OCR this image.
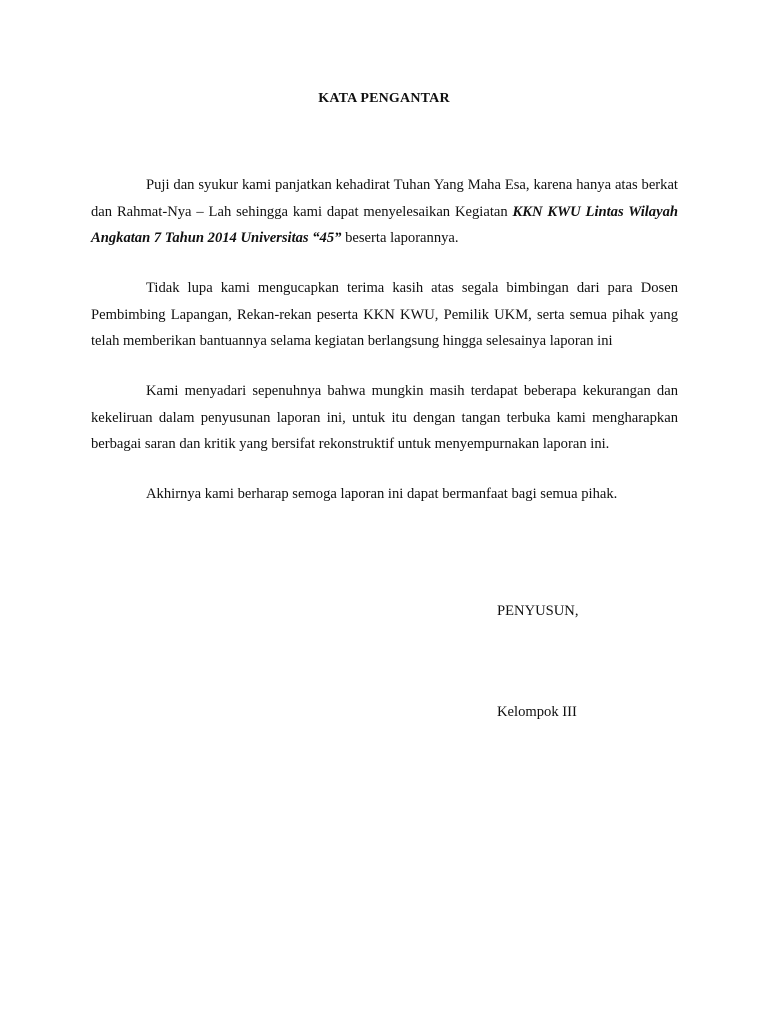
KATA PENGANTAR

Puji dan syukur kami panjatkan kehadirat Tuhan Yang Maha Esa, karena hanya atas berkat dan Rahmat-Nya – Lah sehingga kami dapat menyelesaikan Kegiatan KKN KWU Lintas Wilayah Angkatan 7 Tahun 2014 Universitas “45” beserta laporannya.

Tidak lupa kami mengucapkan terima kasih atas segala bimbingan dari para Dosen Pembimbing Lapangan, Rekan-rekan peserta KKN KWU, Pemilik UKM, serta semua pihak yang telah memberikan bantuannya selama kegiatan berlangsung hingga selesainya laporan ini

Kami menyadari sepenuhnya bahwa mungkin masih terdapat beberapa kekurangan dan kekeliruan dalam penyusunan laporan ini, untuk itu dengan tangan terbuka kami mengharapkan berbagai saran dan kritik yang bersifat rekonstruktif untuk menyempurnakan laporan ini.

Akhirnya kami berharap semoga laporan ini dapat bermanfaat bagi semua pihak.

PENYUSUN,
Kelompok III
